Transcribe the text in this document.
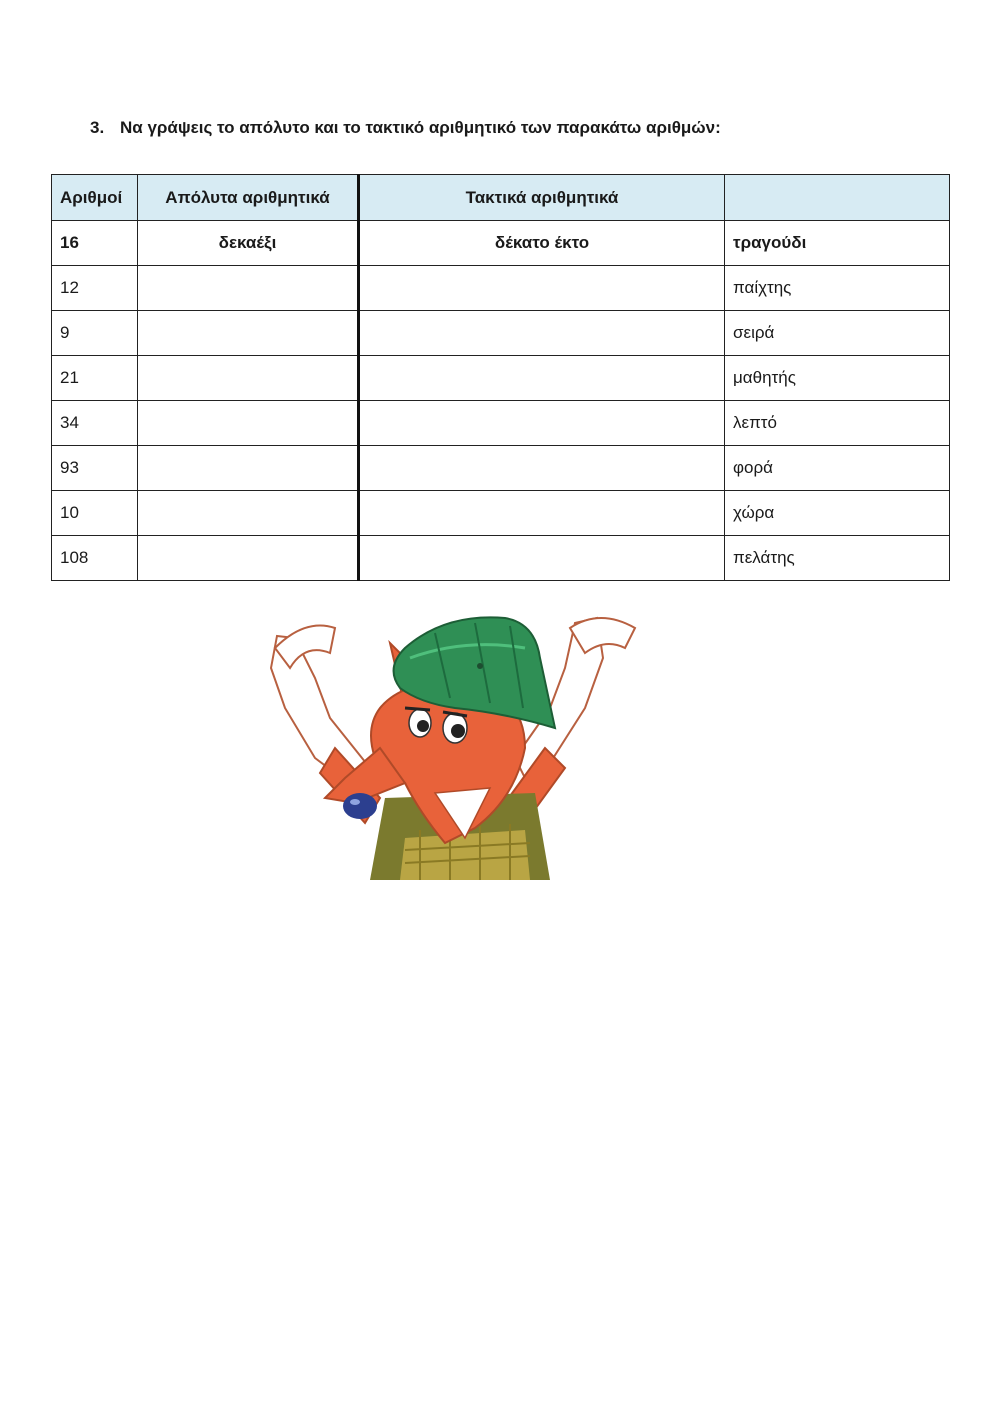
3. Να γράψεις το απόλυτο και το τακτικό αριθμητικό των παρακάτω αριθμών:
Αριθμοί	Απόλυτα αριθμητικά	Τακτικά αριθμητικά	
16	δεκαέξι	δέκατο έκτο	τραγούδι
12			παίχτης
9			σειρά
21			μαθητής
34			λεπτό
93			φορά
10			χώρα
108			πελάτης
